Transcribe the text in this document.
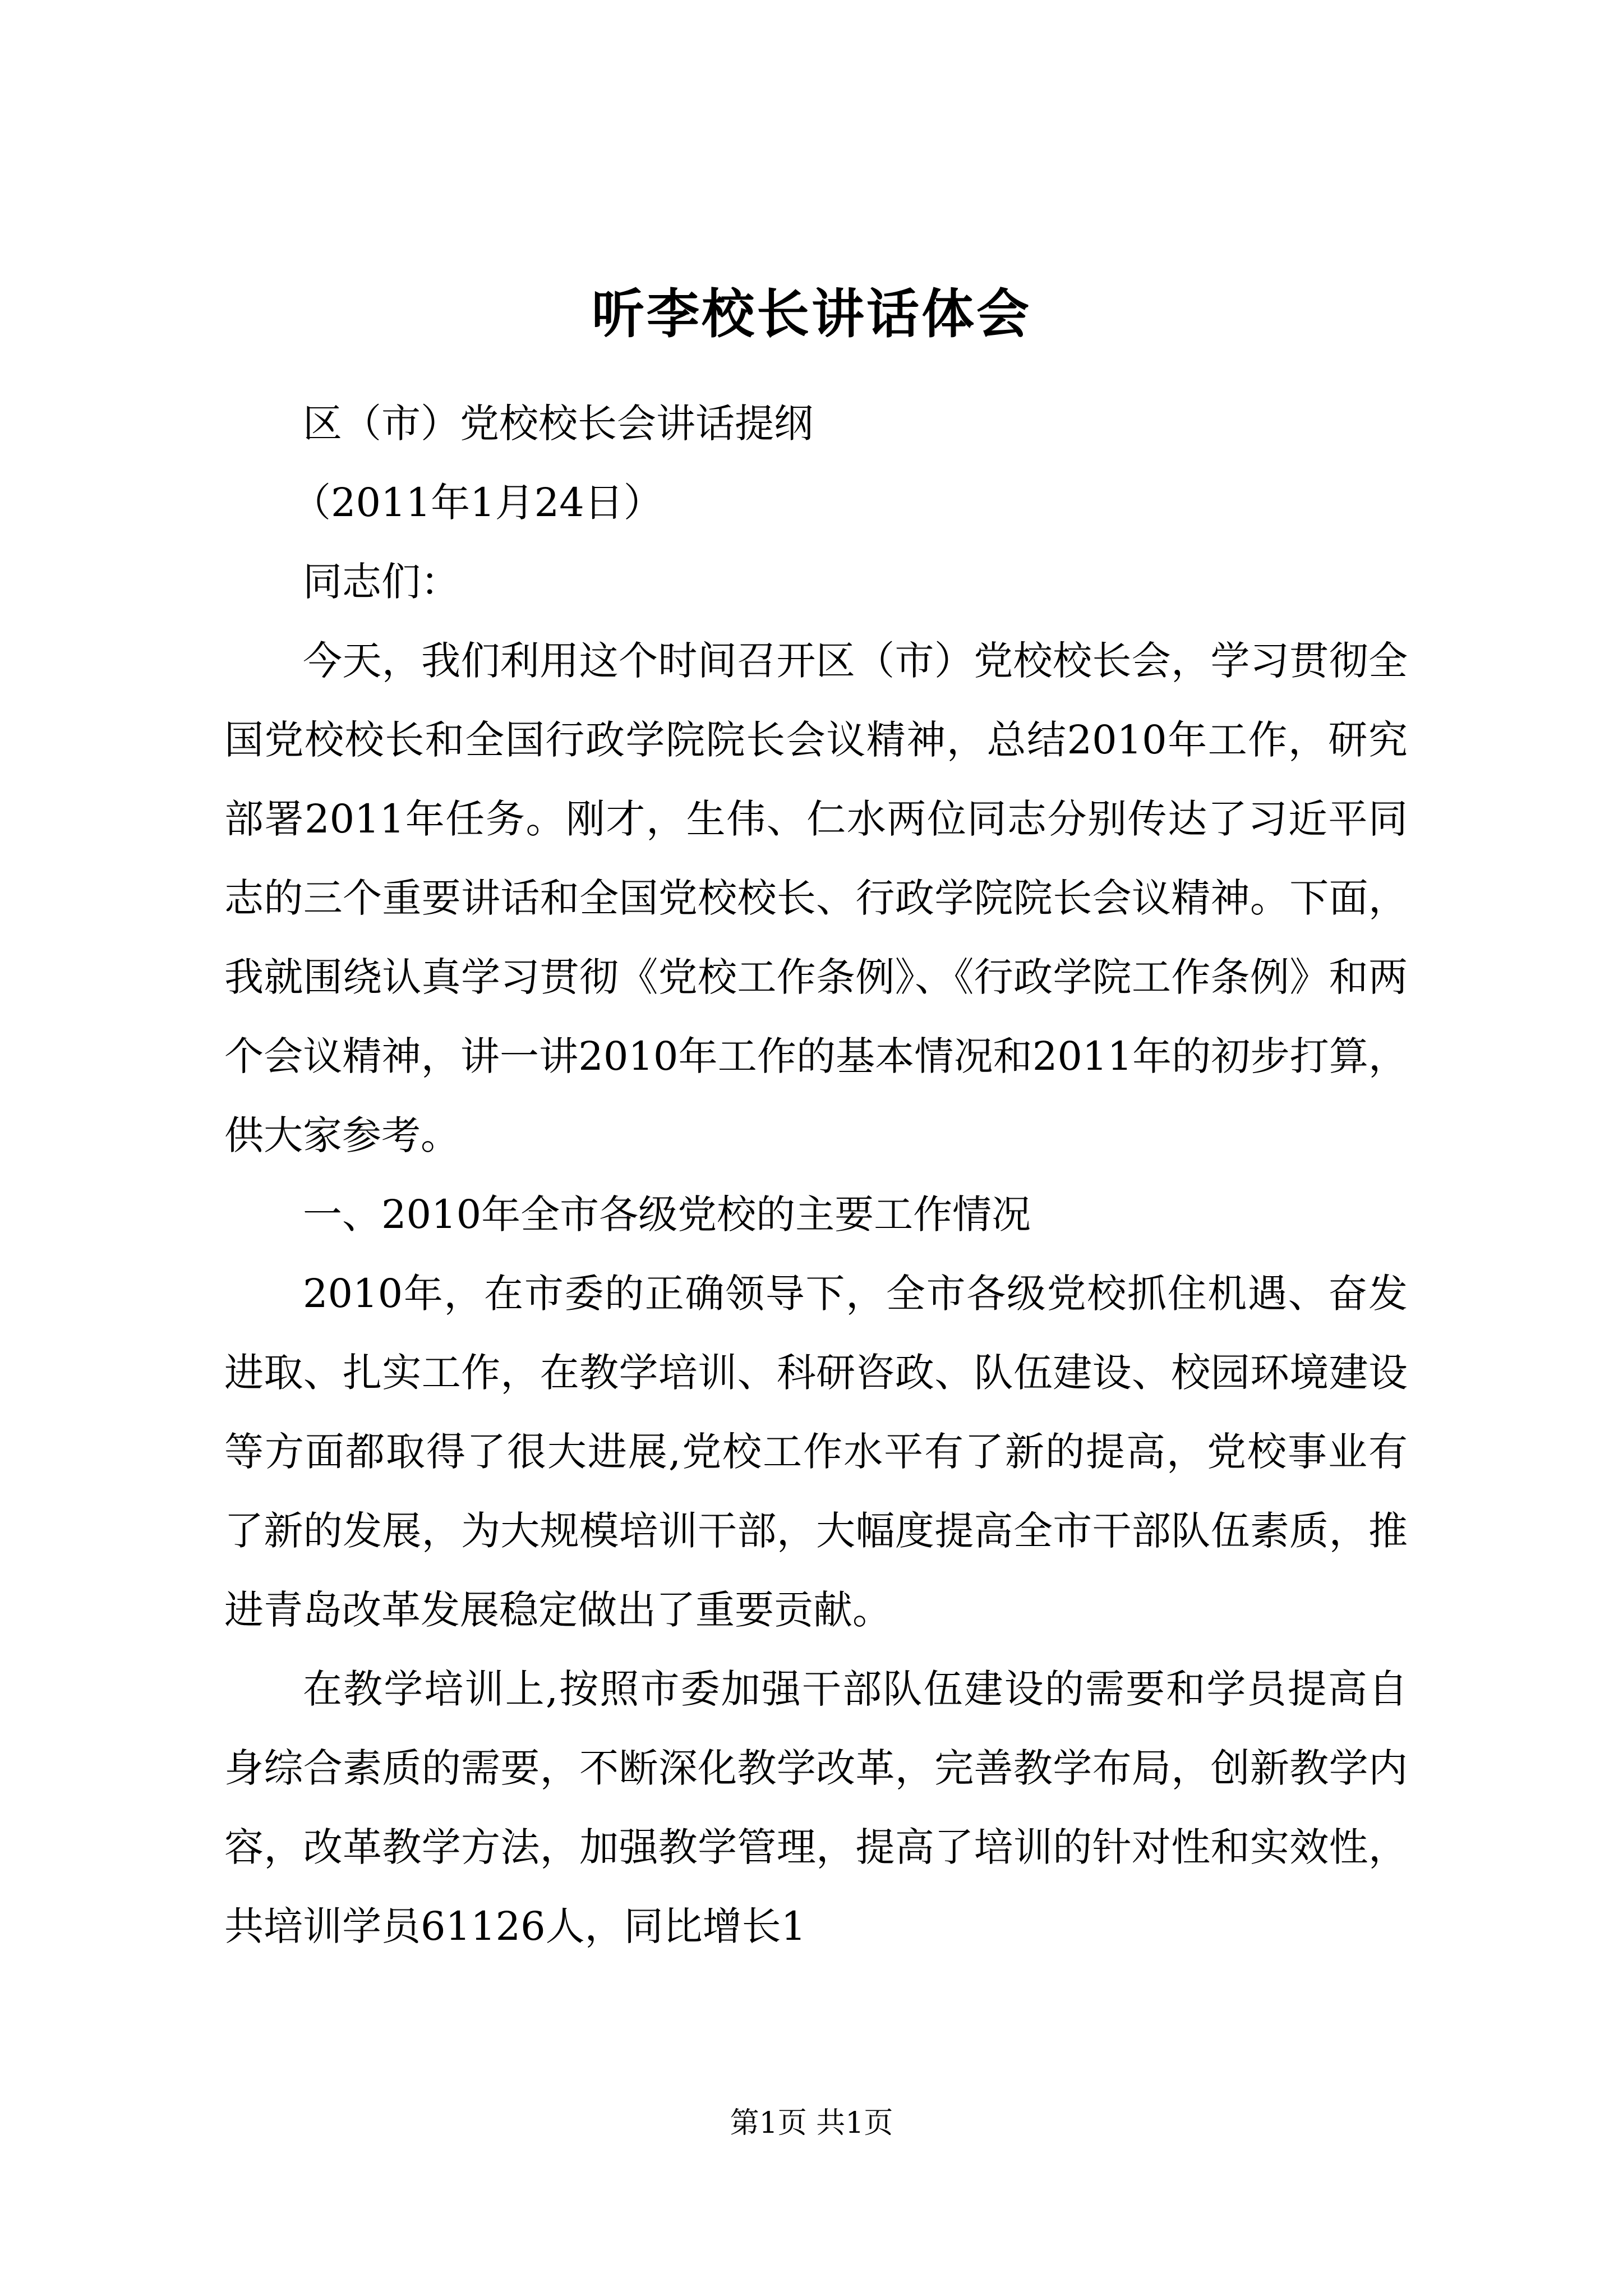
听李校长讲话体会

区（市）党校校长会讲话提纲

（2011年1月24日）

同志们：

今天，我们利用这个时间召开区（市）党校校长会，学习贯彻全国党校校长和全国行政学院院长会议精神，总结2010年工作，研究部署2011年任务。刚才，生伟、仁水两位同志分别传达了习近平同志的三个重要讲话和全国党校校长、行政学院院长会议精神。下面，我就围绕认真学习贯彻《党校工作条例》、《行政学院工作条例》和两个会议精神，讲一讲2010年工作的基本情况和2011年的初步打算，供大家参考。

一、2010年全市各级党校的主要工作情况

2010年，在市委的正确领导下，全市各级党校抓住机遇、奋发进取、扎实工作，在教学培训、科研咨政、队伍建设、校园环境建设等方面都取得了很大进展,党校工作水平有了新的提高，党校事业有了新的发展，为大规模培训干部，大幅度提高全市干部队伍素质，推进青岛改革发展稳定做出了重要贡献。

在教学培训上,按照市委加强干部队伍建设的需要和学员提高自身综合素质的需要，不断深化教学改革，完善教学布局，创新教学内容，改革教学方法，加强教学管理，提高了培训的针对性和实效性，共培训学员61126人，同比增长1

第1页 共1页
